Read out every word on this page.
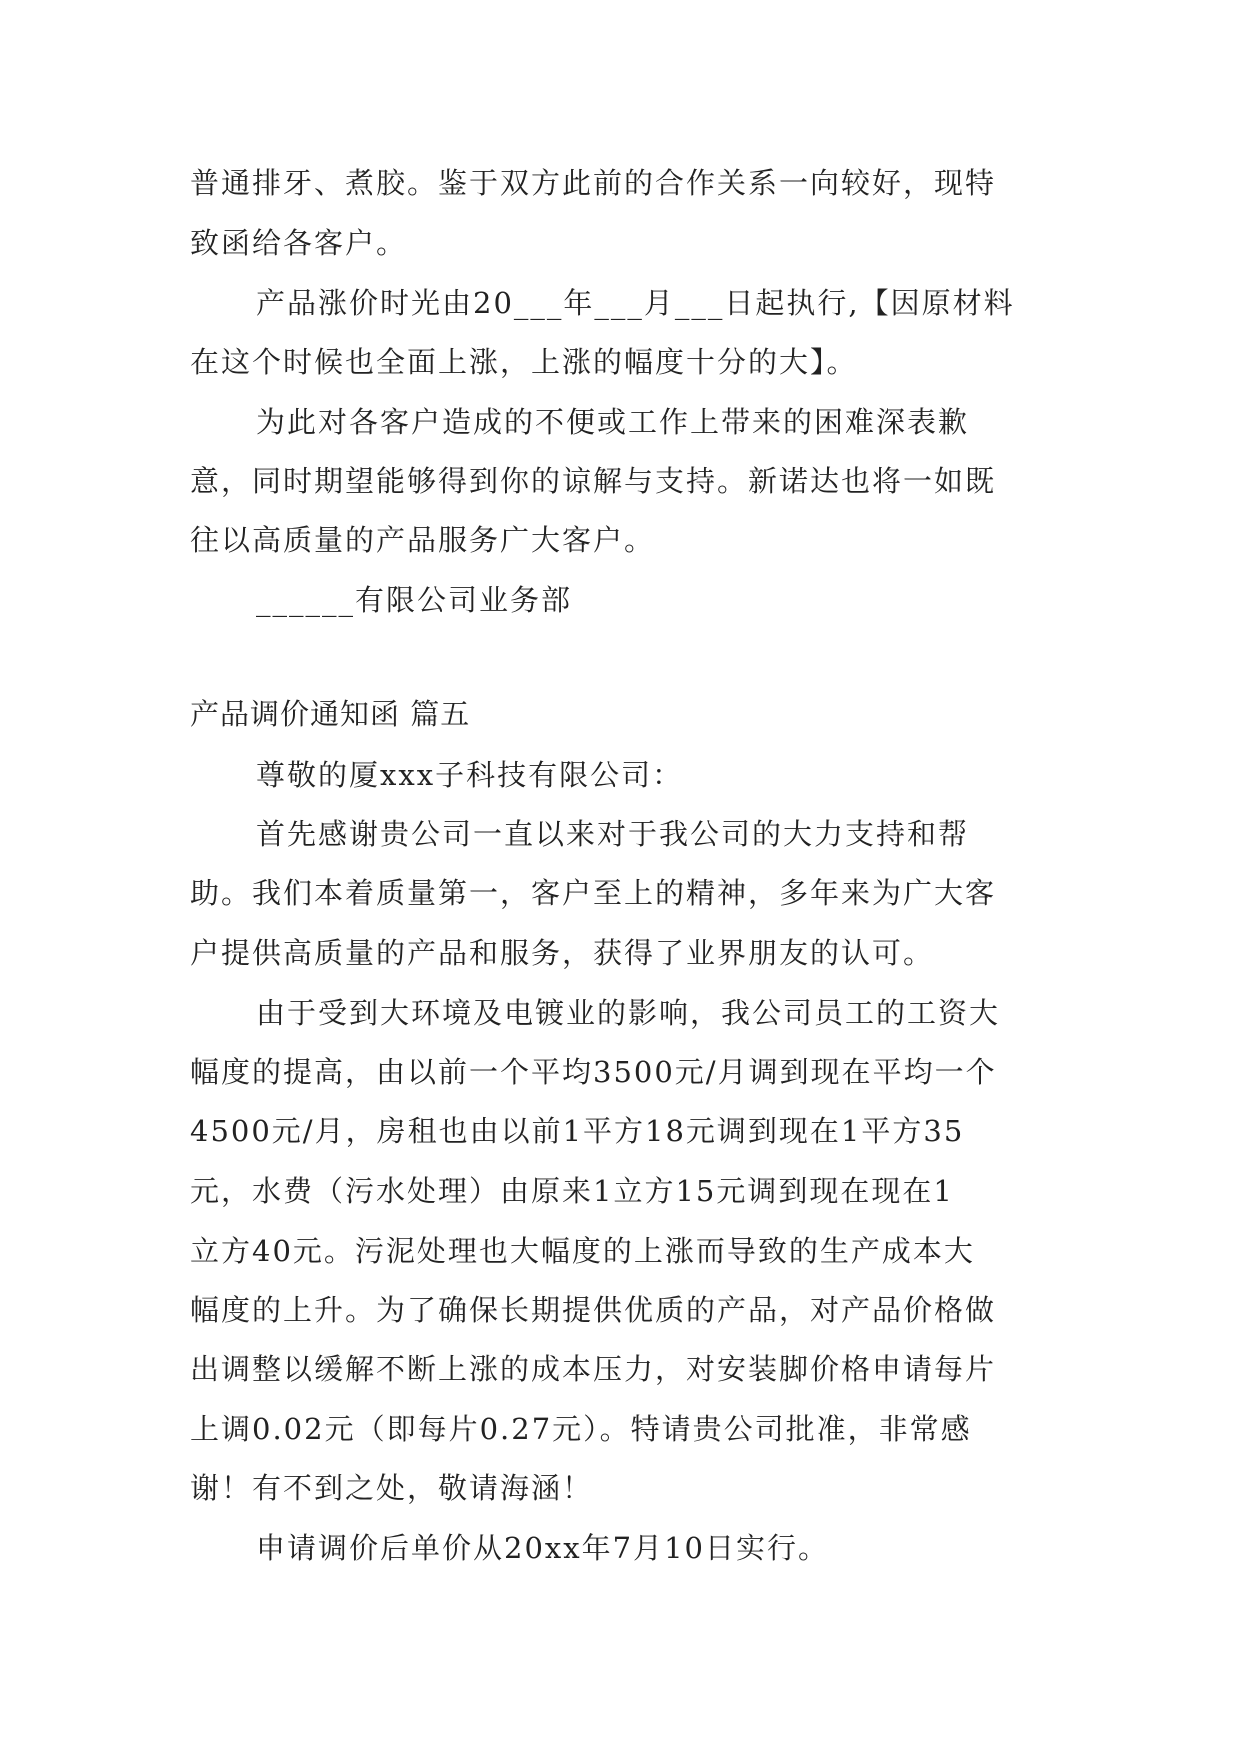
普通排牙、煮胶。鉴于双方此前的合作关系一向较好，现特
致函给各客户。
产品涨价时光由20___年___月___日起执行,【因原材料
在这个时候也全面上涨，上涨的幅度十分的大】。
为此对各客户造成的不便或工作上带来的困难深表歉
意，同时期望能够得到你的谅解与支持。新诺达也将一如既
往以高质量的产品服务广大客户。
______有限公司业务部
产品调价通知函 篇五
尊敬的厦xxx子科技有限公司：
首先感谢贵公司一直以来对于我公司的大力支持和帮
助。我们本着质量第一，客户至上的精神，多年来为广大客
户提供高质量的产品和服务，获得了业界朋友的认可。
由于受到大环境及电镀业的影响，我公司员工的工资大
幅度的提高，由以前一个平均3500元/月调到现在平均一个
4500元/月，房租也由以前1平方18元调到现在1平方35
元，水费（污水处理）由原来1立方15元调到现在现在1
立方40元。污泥处理也大幅度的上涨而导致的生产成本大
幅度的上升。为了确保长期提供优质的产品，对产品价格做
出调整以缓解不断上涨的成本压力，对安装脚价格申请每片
上调0.02元（即每片0.27元）。特请贵公司批准，非常感
谢！有不到之处，敬请海涵！
申请调价后单价从20xx年7月10日实行。
